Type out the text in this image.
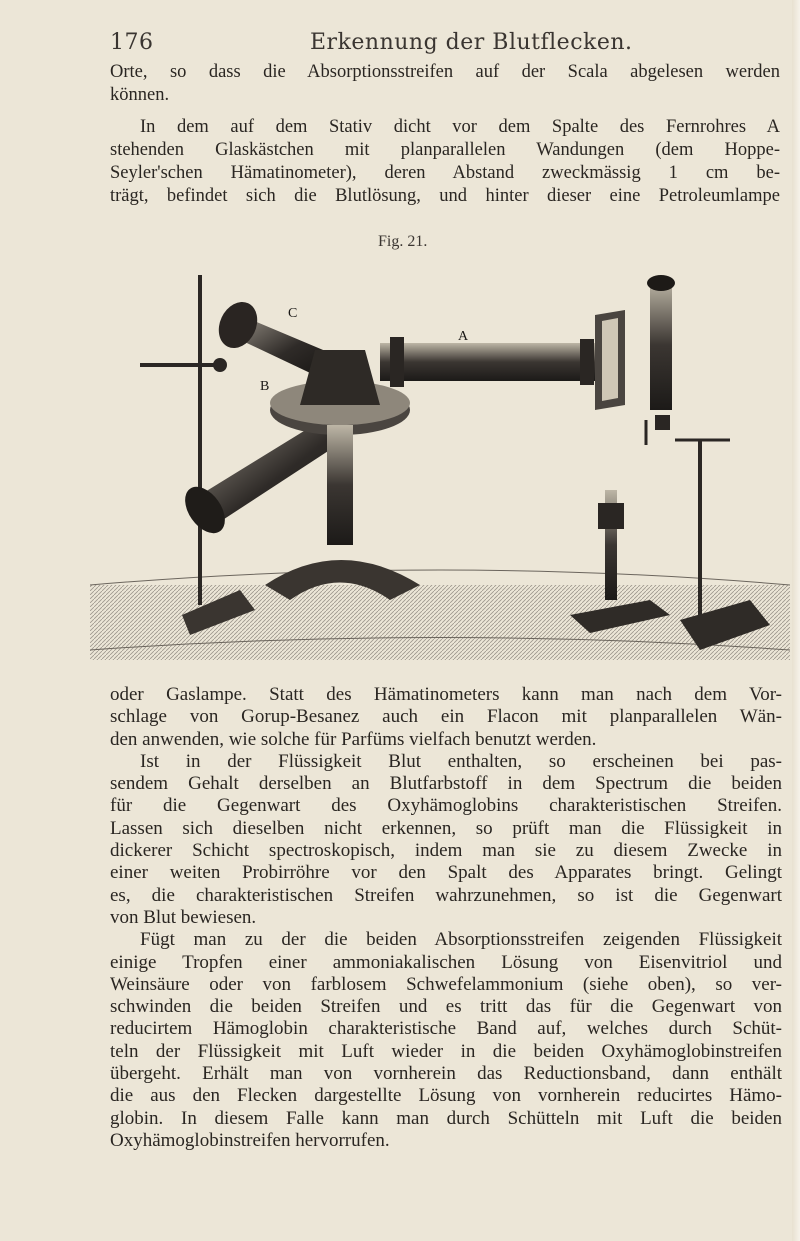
176	Erkennung der Blutflecken.
Orte, so dass die Absorptionsstreifen auf der Scala abgelesen werden
können.
In dem auf dem Stativ dicht vor dem Spalte des Fernrohres A
stehenden Glaskästchen mit planparallelen Wandungen (dem Hoppe-
Seyler'schen Hämatinometer), deren Abstand zweckmässig 1 cm be-
trägt, befindet sich die Blutlösung, und hinter dieser eine Petroleumlampe
Fig. 21.
C
B
A
oder Gaslampe. Statt des Hämatinometers kann man nach dem Vor-
schlage von Gorup-Besanez auch ein Flacon mit planparallelen Wän-
den anwenden, wie solche für Parfüms vielfach benutzt werden.
Ist in der Flüssigkeit Blut enthalten, so erscheinen bei pas-
sendem Gehalt derselben an Blutfarbstoff in dem Spectrum die beiden
für die Gegenwart des Oxyhämoglobins charakteristischen Streifen.
Lassen sich dieselben nicht erkennen, so prüft man die Flüssigkeit in
dickerer Schicht spectroskopisch, indem man sie zu diesem Zwecke in
einer weiten Probirröhre vor den Spalt des Apparates bringt. Gelingt
es, die charakteristischen Streifen wahrzunehmen, so ist die Gegenwart
von Blut bewiesen.
Fügt man zu der die beiden Absorptionsstreifen zeigenden Flüssigkeit
einige Tropfen einer ammoniakalischen Lösung von Eisenvitriol und
Weinsäure oder von farblosem Schwefelammonium (siehe oben), so ver-
schwinden die beiden Streifen und es tritt das für die Gegenwart von
reducirtem Hämoglobin charakteristische Band auf, welches durch Schüt-
teln der Flüssigkeit mit Luft wieder in die beiden Oxyhämoglobinstreifen
übergeht. Erhält man von vornherein das Reductionsband, dann enthält
die aus den Flecken dargestellte Lösung von vornherein reducirtes Hämo-
globin. In diesem Falle kann man durch Schütteln mit Luft die beiden
Oxyhämoglobinstreifen hervorrufen.
